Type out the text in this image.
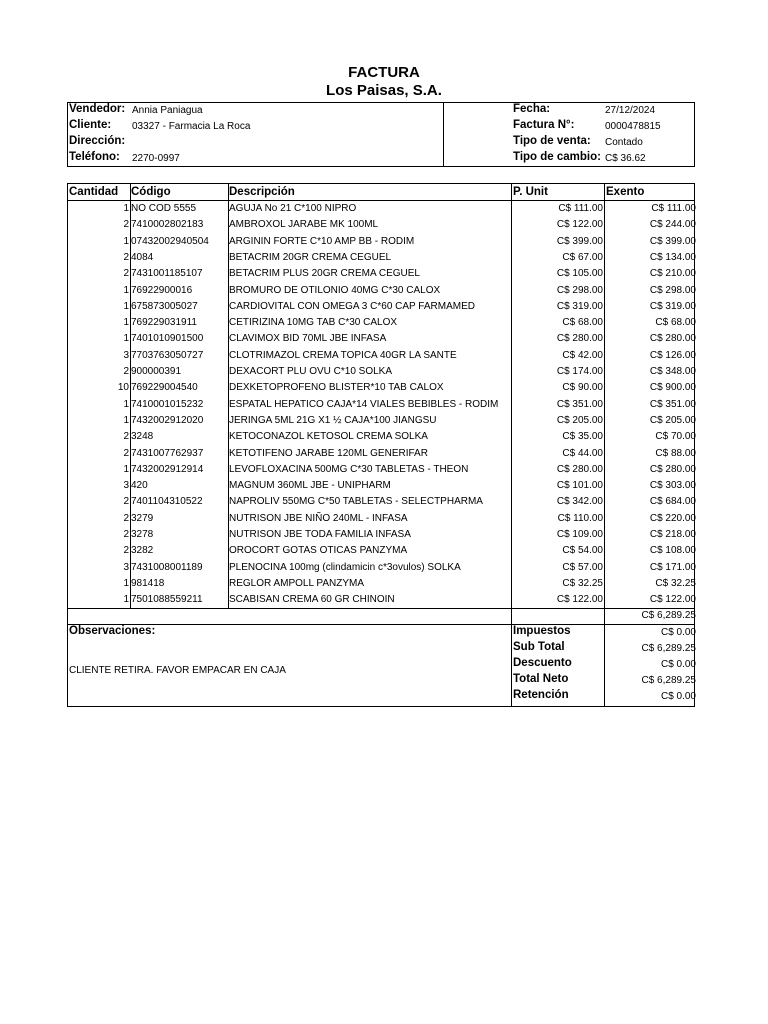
FACTURA
Los Paisas, S.A.
Vendedor: Annia Paniagua
Cliente: 03327 - Farmacia La Roca
Dirección:
Teléfono: 2270-0997
Fecha:	27/12/2024
Factura N°:	0000478815
Tipo de venta: Contado
Tipo de cambio: C$ 36.62
Cantidad Código	Descripción	P. Unit	Exento
1 NO COD 5555	AGUJA No 21 C*100 NIPRO	C$ 111.00	C$ 111.00
2 7410002802183	AMBROXOL JARABE MK 100ML	C$ 122.00	C$ 244.00
1 07432002940504	ARGININ FORTE C*10 AMP BB - RODIM	C$ 399.00	C$ 399.00
2 4084	BETACRIM 20GR CREMA CEGUEL	C$ 67.00	C$ 134.00
2 7431001185107	BETACRIM PLUS 20GR CREMA CEGUEL	C$ 105.00	C$ 210.00
1 76922900016	BROMURO DE OTILONIO 40MG C*30 CALOX	C$ 298.00	C$ 298.00
1 675873005027	CARDIOVITAL CON OMEGA 3 C*60 CAP FARMAMED	C$ 319.00	C$ 319.00
1 769229031911	CETIRIZINA 10MG TAB C*30 CALOX	C$ 68.00	C$ 68.00
1 7401010901500	CLAVIMOX BID 70ML JBE INFASA	C$ 280.00	C$ 280.00
3 7703763050727	CLOTRIMAZOL CREMA TOPICA 40GR LA SANTE	C$ 42.00	C$ 126.00
2 900000391	DEXACORT PLU OVU C*10 SOLKA	C$ 174.00	C$ 348.00
10 769229004540	DEXKETOPROFENO BLISTER*10 TAB CALOX	C$ 90.00	C$ 900.00
1 7410001015232	ESPATAL HEPATICO CAJA*14 VIALES BEBIBLES - RODIM	C$ 351.00	C$ 351.00
1 7432002912020	JERINGA 5ML 21G X1 ½ CAJA*100 JIANGSU	C$ 205.00	C$ 205.00
2 3248	KETOCONAZOL KETOSOL CREMA SOLKA	C$ 35.00	C$ 70.00
2 7431007762937	KETOTIFENO JARABE 120ML GENERIFAR	C$ 44.00	C$ 88.00
1 7432002912914	LEVOFLOXACINA 500MG C*30 TABLETAS - THEON	C$ 280.00	C$ 280.00
3 420	MAGNUM 360ML JBE - UNIPHARM	C$ 101.00	C$ 303.00
2 7401104310522	NAPROLIV 550MG C*50 TABLETAS - SELECTPHARMA	C$ 342.00	C$ 684.00
2 3279	NUTRISON JBE NIÑO 240ML - INFASA	C$ 110.00	C$ 220.00
2 3278	NUTRISON JBE TODA FAMILIA INFASA	C$ 109.00	C$ 218.00
2 3282	OROCORT GOTAS OTICAS PANZYMA	C$ 54.00	C$ 108.00
3 7431008001189	PLENOCINA 100mg (clindamicin c*3ovulos) SOLKA	C$ 57.00	C$ 171.00
1 981418	REGLOR AMPOLL PANZYMA	C$ 32.25	C$ 32.25
1 7501088559211	SCABISAN CREMA 60 GR CHINOIN	C$ 122.00	C$ 122.00
C$ 6,289.25
Observaciones:
CLIENTE RETIRA. FAVOR EMPACAR EN CAJA
Impuestos	C$ 0.00
Sub Total	C$ 6,289.25
Descuento	C$ 0.00
Total Neto	C$ 6,289.25
Retención	C$ 0.00
